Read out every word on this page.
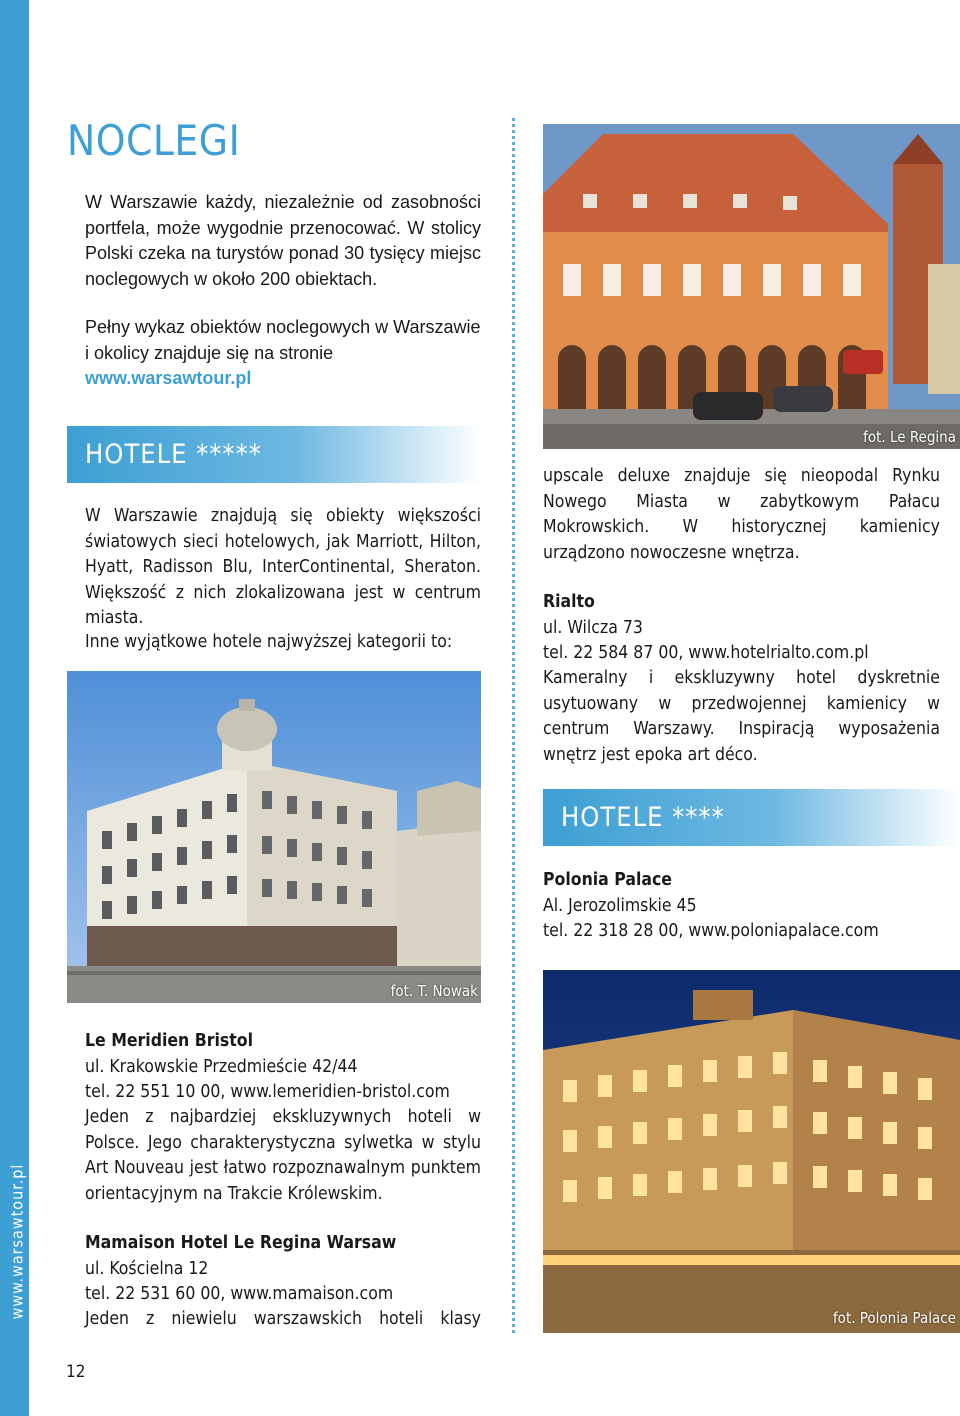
www.warsawtour.pl
12
NOCLEGI
W Warszawie każdy, niezależnie od zasobności portfela, może wygodnie przenocować. W stolicy Polski czeka na turystów ponad 30 tysięcy miejsc noclegowych w około 200 obiektach.
Pełny wykaz obiektów noclegowych w Warszawie i okolicy znajduje się na stronie
www.warsawtour.pl
HOTELE *****
W Warszawie znajdują się obiekty większości światowych sieci hotelowych, jak Marriott, Hilton, Hyatt, Radisson Blu, InterContinental, Sheraton. Większość z nich zlokalizowana jest w centrum miasta.
Inne wyjątkowe hotele najwyższej kategorii to:
fot. T. Nowak
Le Meridien Bristol
ul. Krakowskie Przedmieście 42/44
tel. 22 551 10 00, www.lemeridien-bristol.com
Jeden z najbardziej ekskluzywnych hoteli w Polsce. Jego charakterystyczna sylwetka w stylu Art Nouveau jest łatwo rozpoznawalnym punktem orientacyjnym na Trakcie Królewskim.
Mamaison Hotel Le Regina Warsaw
ul. Kościelna 12
tel. 22 531 60 00, www.mamaison.com
Jeden z niewielu warszawskich hoteli klasy
fot. Le Regina
upscale deluxe znajduje się nieopodal Rynku Nowego Miasta w zabytkowym Pałacu Mokrowskich. W historycznej kamienicy urządzono nowoczesne wnętrza.
Rialto
ul. Wilcza 73
tel. 22 584 87 00, www.hotelrialto.com.pl
Kameralny i ekskluzywny hotel dyskretnie usytuowany w przedwojennej kamienicy w centrum Warszawy. Inspiracją wyposażenia wnętrz jest epoka art déco.
HOTELE ****
Polonia Palace
Al. Jerozolimskie 45
tel. 22 318 28 00, www.poloniapalace.com
fot. Polonia Palace
